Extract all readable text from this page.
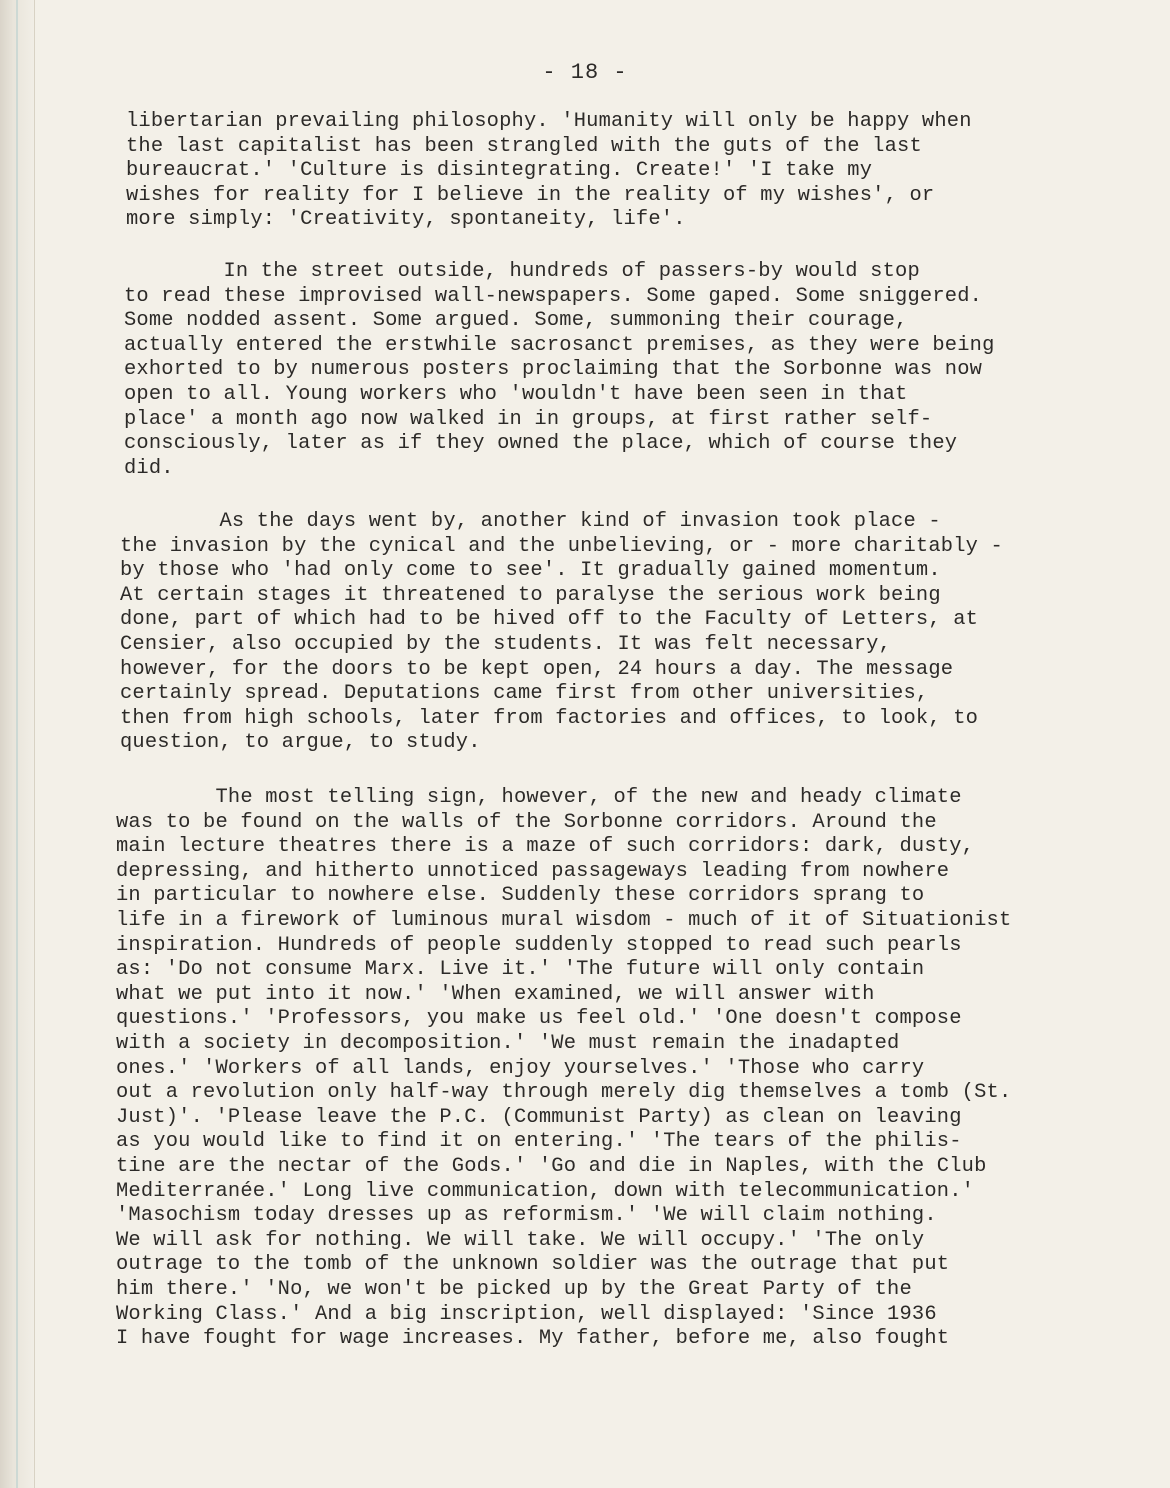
- 18 -
libertarian prevailing philosophy. 'Humanity will only be happy when
the last capitalist has been strangled with the guts of the last
bureaucrat.' 'Culture is disintegrating. Create!' 'I take my
wishes for reality for I believe in the reality of my wishes', or
more simply: 'Creativity, spontaneity, life'.
In the street outside, hundreds of passers-by would stop
to read these improvised wall-newspapers. Some gaped. Some sniggered.
Some nodded assent. Some argued. Some, summoning their courage,
actually entered the erstwhile sacrosanct premises, as they were being
exhorted to by numerous posters proclaiming that the Sorbonne was now
open to all. Young workers who 'wouldn't have been seen in that
place' a month ago now walked in in groups, at first rather self-
consciously, later as if they owned the place, which of course they
did.
As the days went by, another kind of invasion took place -
the invasion by the cynical and the unbelieving, or - more charitably -
by those who 'had only come to see'. It gradually gained momentum.
At certain stages it threatened to paralyse the serious work being
done, part of which had to be hived off to the Faculty of Letters, at
Censier, also occupied by the students. It was felt necessary,
however, for the doors to be kept open, 24 hours a day. The message
certainly spread. Deputations came first from other universities,
then from high schools, later from factories and offices, to look, to
question, to argue, to study.
The most telling sign, however, of the new and heady climate
was to be found on the walls of the Sorbonne corridors. Around the
main lecture theatres there is a maze of such corridors: dark, dusty,
depressing, and hitherto unnoticed passageways leading from nowhere
in particular to nowhere else. Suddenly these corridors sprang to
life in a firework of luminous mural wisdom - much of it of Situationist
inspiration. Hundreds of people suddenly stopped to read such pearls
as: 'Do not consume Marx. Live it.' 'The future will only contain
what we put into it now.' 'When examined, we will answer with
questions.' 'Professors, you make us feel old.' 'One doesn't compose
with a society in decomposition.' 'We must remain the inadapted
ones.' 'Workers of all lands, enjoy yourselves.' 'Those who carry
out a revolution only half-way through merely dig themselves a tomb (St.
Just)'. 'Please leave the P.C. (Communist Party) as clean on leaving
as you would like to find it on entering.' 'The tears of the philis-
tine are the nectar of the Gods.' 'Go and die in Naples, with the Club
Mediterranée.' Long live communication, down with telecommunication.'
'Masochism today dresses up as reformism.' 'We will claim nothing.
We will ask for nothing. We will take. We will occupy.' 'The only
outrage to the tomb of the unknown soldier was the outrage that put
him there.' 'No, we won't be picked up by the Great Party of the
Working Class.' And a big inscription, well displayed: 'Since 1936
I have fought for wage increases. My father, before me, also fought
